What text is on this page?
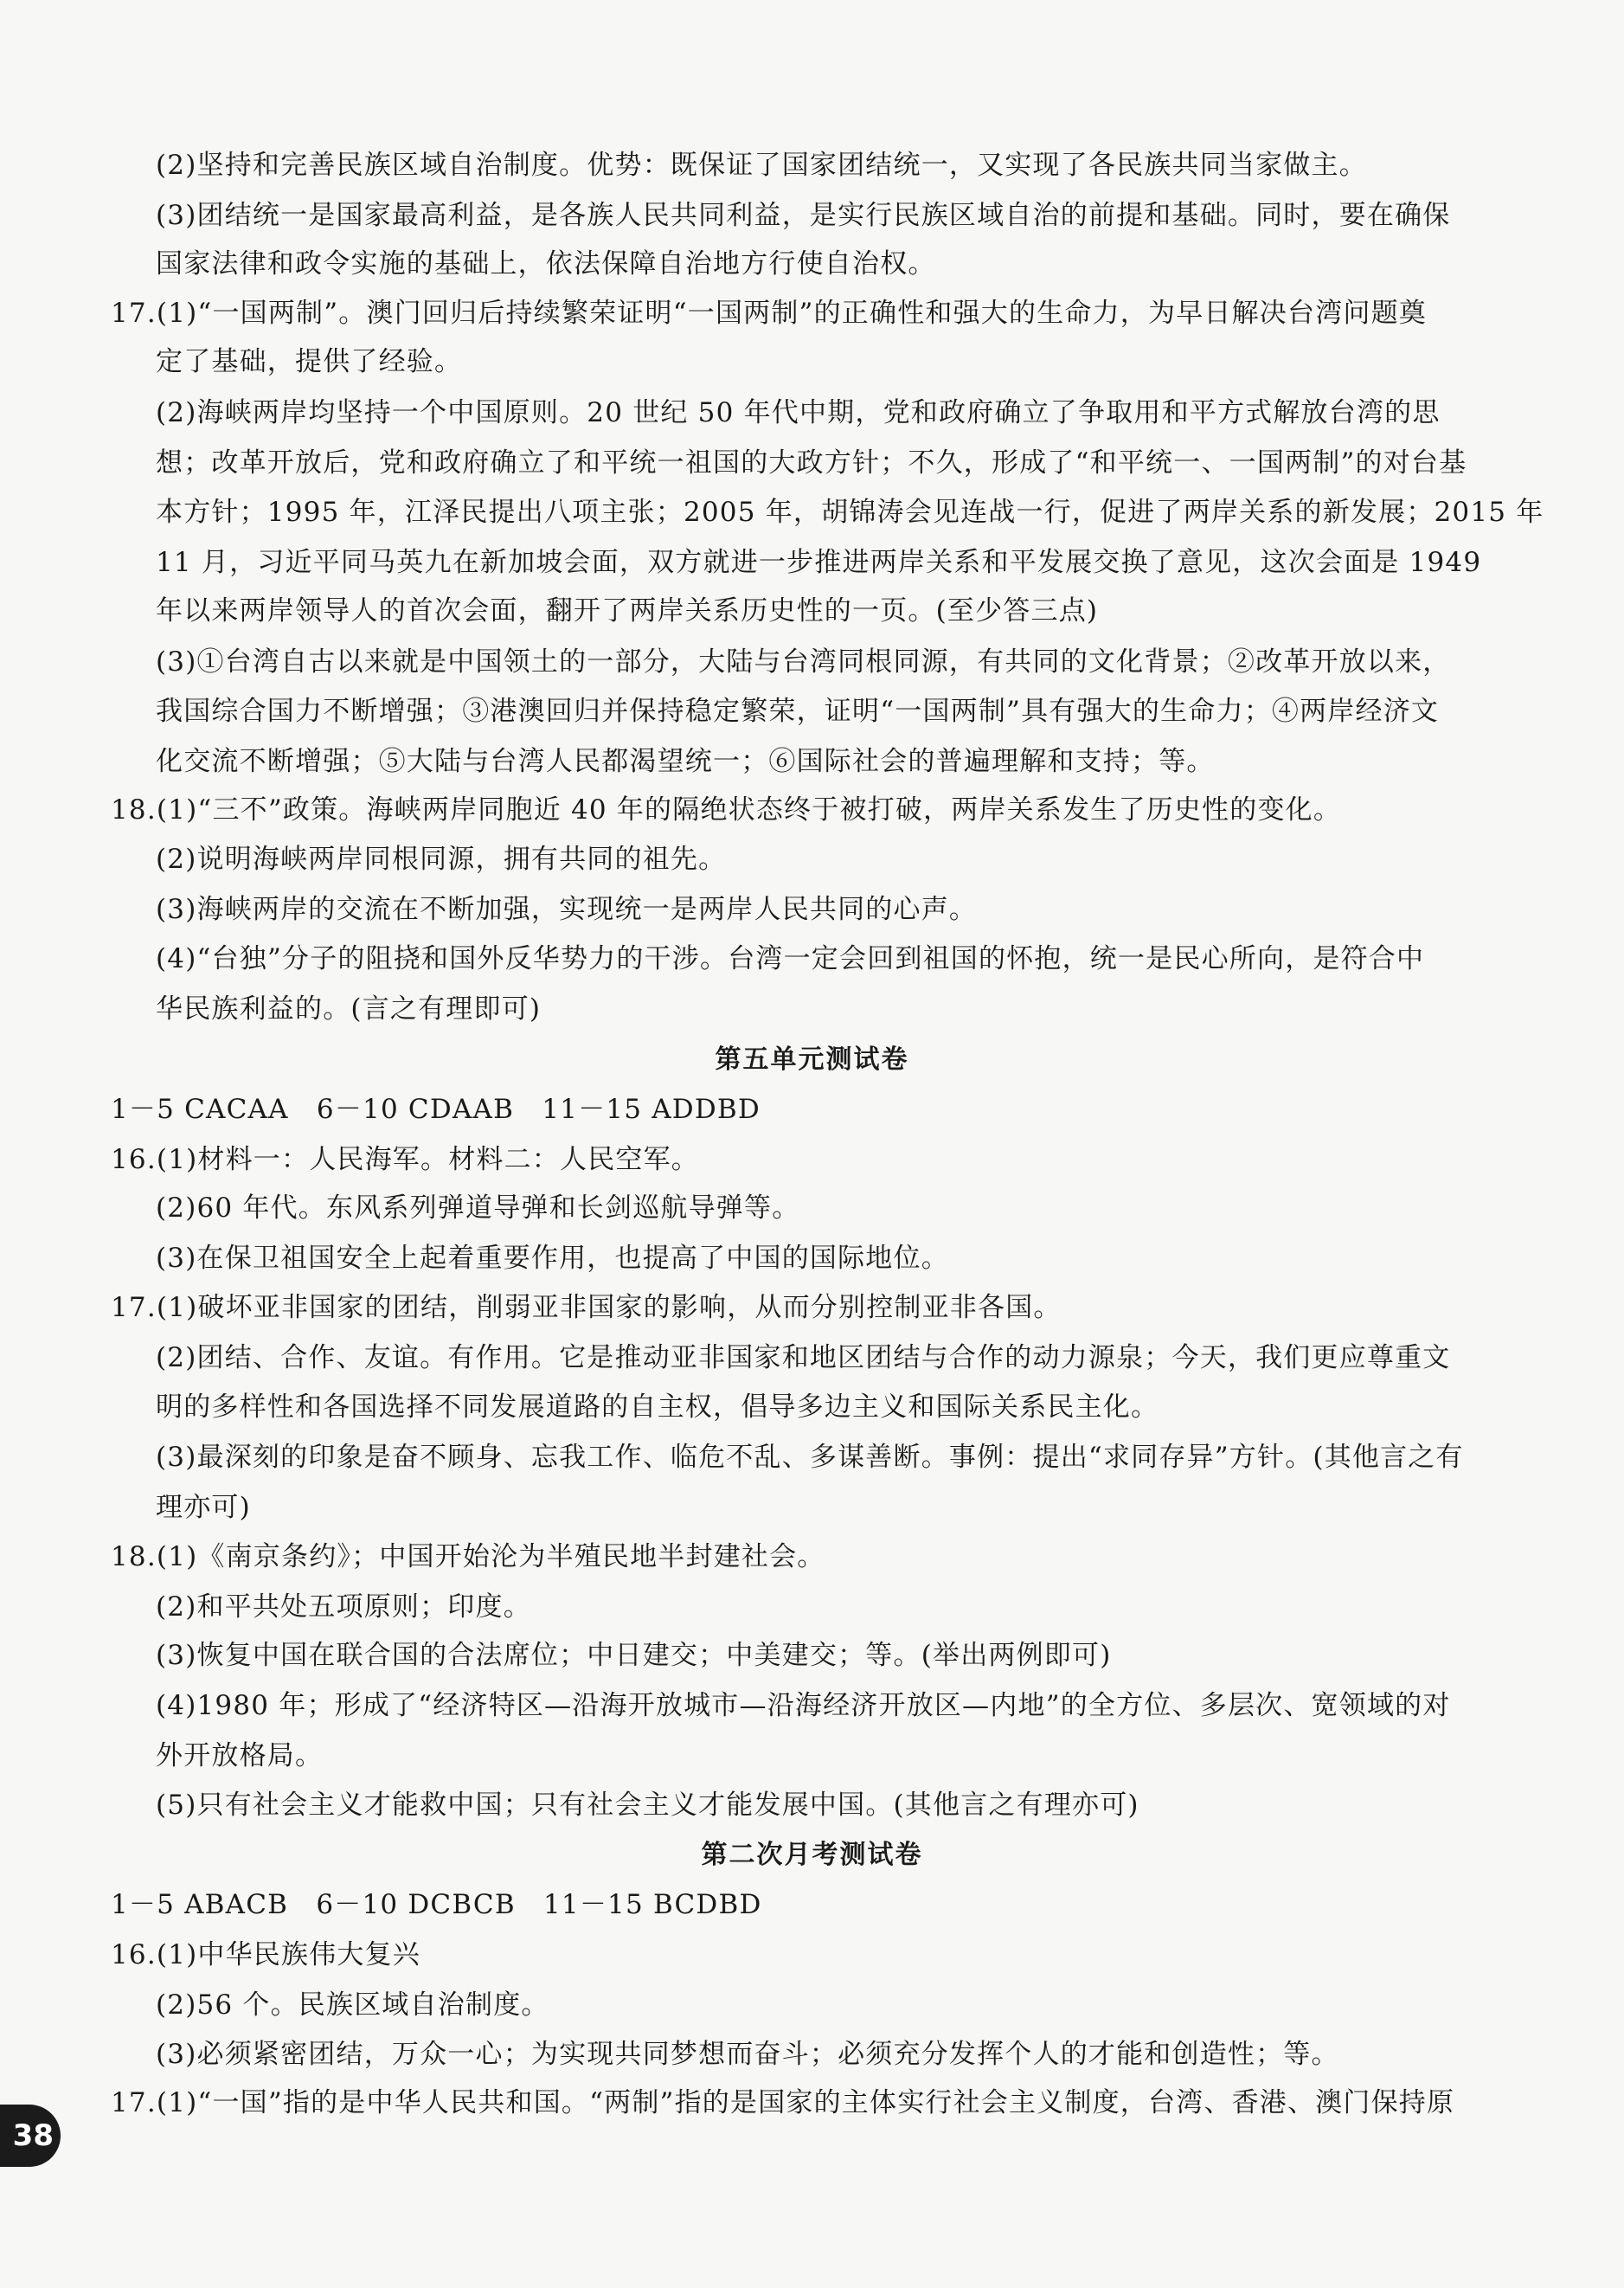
(2)坚持和完善民族区域自治制度。优势：既保证了国家团结统一，又实现了各民族共同当家做主。
(3)团结统一是国家最高利益，是各族人民共同利益，是实行民族区域自治的前提和基础。同时，要在确保
国家法律和政令实施的基础上，依法保障自治地方行使自治权。
17.(1)“一国两制”。澳门回归后持续繁荣证明“一国两制”的正确性和强大的生命力，为早日解决台湾问题奠
定了基础，提供了经验。
(2)海峡两岸均坚持一个中国原则。20 世纪 50 年代中期，党和政府确立了争取用和平方式解放台湾的思
想；改革开放后，党和政府确立了和平统一祖国的大政方针；不久，形成了“和平统一、一国两制”的对台基
本方针；1995 年，江泽民提出八项主张；2005 年，胡锦涛会见连战一行，促进了两岸关系的新发展；2015 年
11 月，习近平同马英九在新加坡会面，双方就进一步推进两岸关系和平发展交换了意见，这次会面是 1949
年以来两岸领导人的首次会面，翻开了两岸关系历史性的一页。(至少答三点)
(3)①台湾自古以来就是中国领土的一部分，大陆与台湾同根同源，有共同的文化背景；②改革开放以来，
我国综合国力不断增强；③港澳回归并保持稳定繁荣，证明“一国两制”具有强大的生命力；④两岸经济文
化交流不断增强；⑤大陆与台湾人民都渴望统一；⑥国际社会的普遍理解和支持；等。
18.(1)“三不”政策。海峡两岸同胞近 40 年的隔绝状态终于被打破，两岸关系发生了历史性的变化。
(2)说明海峡两岸同根同源，拥有共同的祖先。
(3)海峡两岸的交流在不断加强，实现统一是两岸人民共同的心声。
(4)“台独”分子的阻挠和国外反华势力的干涉。台湾一定会回到祖国的怀抱，统一是民心所向，是符合中
华民族利益的。(言之有理即可)
第五单元测试卷
1－5 CACAA　6－10 CDAAB　11－15 ADDBD
16.(1)材料一：人民海军。材料二：人民空军。
(2)60 年代。东风系列弹道导弹和长剑巡航导弹等。
(3)在保卫祖国安全上起着重要作用，也提高了中国的国际地位。
17.(1)破坏亚非国家的团结，削弱亚非国家的影响，从而分别控制亚非各国。
(2)团结、合作、友谊。有作用。它是推动亚非国家和地区团结与合作的动力源泉；今天，我们更应尊重文
明的多样性和各国选择不同发展道路的自主权，倡导多边主义和国际关系民主化。
(3)最深刻的印象是奋不顾身、忘我工作、临危不乱、多谋善断。事例：提出“求同存异”方针。(其他言之有
理亦可)
18.(1)《南京条约》；中国开始沦为半殖民地半封建社会。
(2)和平共处五项原则；印度。
(3)恢复中国在联合国的合法席位；中日建交；中美建交；等。(举出两例即可)
(4)1980 年；形成了“经济特区—沿海开放城市—沿海经济开放区—内地”的全方位、多层次、宽领域的对
外开放格局。
(5)只有社会主义才能救中国；只有社会主义才能发展中国。(其他言之有理亦可)
第二次月考测试卷
1－5 ABACB　6－10 DCBCB　11－15 BCDBD
16.(1)中华民族伟大复兴
(2)56 个。民族区域自治制度。
(3)必须紧密团结，万众一心；为实现共同梦想而奋斗；必须充分发挥个人的才能和创造性；等。
17.(1)“一国”指的是中华人民共和国。“两制”指的是国家的主体实行社会主义制度，台湾、香港、澳门保持原
38
